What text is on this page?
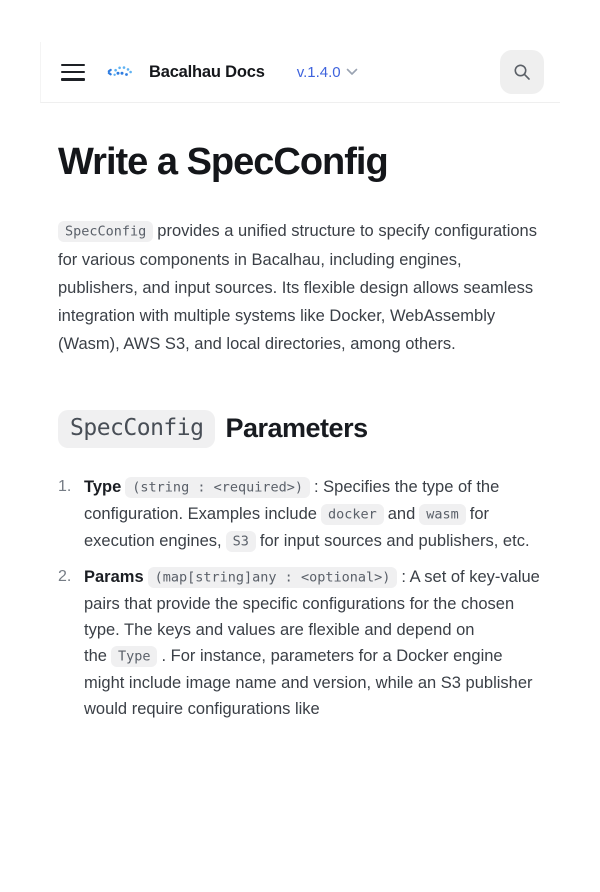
Bacalhau Docs v.1.4.0
Write a SpecConfig

SpecConfig provides a unified structure to specify configurations for various components in Bacalhau, including engines, publishers, and input sources. Its flexible design allows seamless integration with multiple systems like Docker, WebAssembly (Wasm), AWS S3, and local directories, among others.

SpecConfig Parameters
1. Type (string : <required>) : Specifies the type of the configuration. Examples include docker and wasm for execution engines, S3 for input sources and publishers, etc.
2. Params (map[string]any : <optional>) : A set of key-value pairs that provide the specific configurations for the chosen type. The keys and values are flexible and depend on the Type . For instance, parameters for a Docker engine might include image name and version, while an S3 publisher would require configurations like
